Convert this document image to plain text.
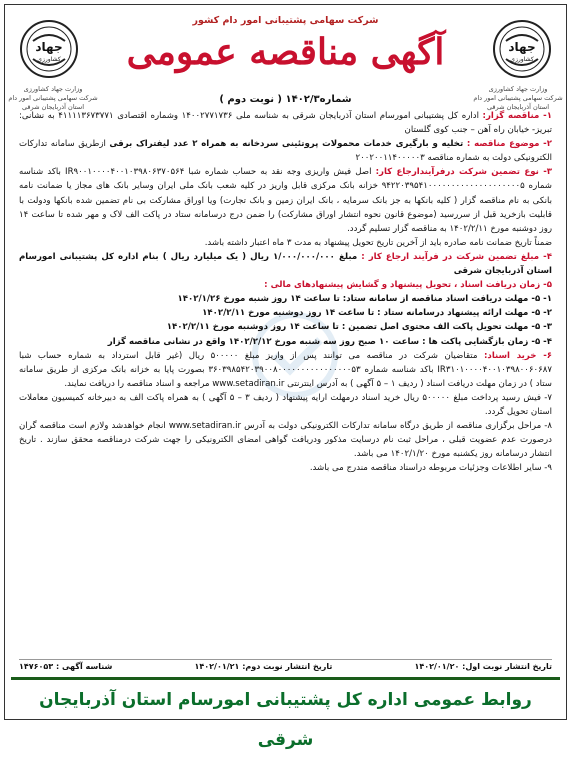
جهاد
کشاورزی
وزارت جهاد کشاورزی
شرکت سهامی پشتیبانی امور دام
استان آذربایجان شرقی
جهاد
کشاورزی
وزارت جهاد کشاورزی
شرکت سهامی پشتیبانی امور دام
استان آذربایجان شرقی
شرکت سهامی پشتیبانی امور دام کشور
آگهی مناقصه عمومی
شماره۱۴۰۲/۳ ( نوبت دوم )

۱- مناقصه گزار: اداره کل پشتیبانی امورسام استان آذربایجان شرقی به شناسه ملی ۱۴۰۰۲۷۷۱۷۳۶ وشماره اقتصادی ۴۱۱۱۱۳۶۷۳۷۷۱ به نشانی: تبریز- خیابان راه آهن – جنب کوی گلستان

۲- موضوع مناقصه : تخلیه و بارگیری خدمات محمولات پروتئینی سردخانه به همراه ۲ عدد لیفتراک برقی ازطریق سامانه تدارکات الکترونیکی دولت به شماره مناقصه ۲۰۰۲۰۰۱۱۴۰۰۰۰۰۳

۳- نوع تضمین شرکت درفرآیندارجاع کار: اصل فیش واریزی وجه نقد به حساب شماره شبا IR۹۰۰۱۰۰۰۰۴۰۰۱۰۳۹۸۰۶۳۷۰۵۶۴ باکد شناسه شماره ۹۴۲۲۰۳۹۵۴۱۰۰۰۰۰۰۰۰۰۰۰۰۰۰۰۰۰۰۰۰۵ خزانه بانک مرکزی قابل واریز در کلیه شعب بانک ملی ایران وسایر بانک های مجاز یا ضمانت نامه بانکی به نام مناقصه گزار ( کلیه بانکها به جز بانک سرمایه ، بانک ایران زمین و بانک تجارت) ویا اوراق مشارکت بی نام تضمین شده بانکها ودولت با قابلیت بازخرید قبل از سررسید (موضوع قانون نحوه انتشار اوراق مشارکت) را ضمن درج درسامانه ستاد در پاکت الف لاک و مهر شده تا ساعت ۱۴ روز دوشنبه مورخ ۱۴۰۲/۲/۱۱ به مناقصه گزار تسلیم گردد.

ضمناً تاریخ ضمانت نامه صادره باید از آخرین تاریخ تحویل پیشنهاد به مدت ۳ ماه اعتبار داشته باشد.

۴- مبلغ تضمین شرکت در فرآیند ارجاع کار : مبلغ ۱/۰۰۰/۰۰۰/۰۰۰ ریال ( یک میلیارد ریال ) بنام اداره کل پشتیبانی امورسام استان آذربایجان شرقی

۵- زمان دریافت اسناد ، تحویل پیشنهاد و گشایش پیشنهادهای مالی :

۱- ۵- مهلت دریافت اسناد مناقصه از سامانه ستاد: تا ساعت ۱۴ روز شنبه مورخ ۱۴۰۲/۱/۲۶

۲- ۵- مهلت ارائه پیشنهاد درسامانه ستاد : تا ساعت ۱۴ روز دوشنبه مورخ ۱۴۰۲/۲/۱۱

۳- ۵- مهلت تحویل پاکت الف محتوی اصل تضمین : تا ساعت ۱۴ روز دوشنبه مورخ ۱۴۰۲/۲/۱۱

۴- ۵- زمان بازگشایی پاکت ها : ساعت ۱۰ صبح روز سه شنبه مورخ ۱۴۰۲/۲/۱۲ واقع در نشانی مناقصه گزار

۶- خرید اسناد: متقاضیان شرکت در مناقصه می توانند پس از واریز مبلغ ۵۰۰۰۰۰ ریال (غیر قابل استرداد به شماره حساب شبا IR۳۱۰۱۰۰۰۰۴۰۰۱۰۳۹۸۰۰۶۰۶۸۷ باکد شناسه شماره ۳۶۰۳۹۸۵۴۲۰۳۹۰۰۸۰۰۰۰۰۰۰۰۰۰۰۰۰۰۰۰۵۳ بصورت پایا به خزانه بانک مرکزی از طریق سامانه ستاد ) در زمان مهلت دریافت اسناد ( ردیف ۱ – ۵ آگهی ) به آدرس اینترنتی www.setadiran.ir مراجعه و اسناد مناقصه را دریافت نمایند.

۷- فیش رسید پرداخت مبلغ ۵۰۰۰۰۰ ریال خرید اسناد درمهلت ارایه پیشنهاد ( ردیف ۳ – ۵ آگهی ) به همراه پاکت الف به دبیرخانه کمیسیون معاملات استان تحویل گردد.

۸- مراحل برگزاری مناقصه از طریق درگاه سامانه تدارکات الکترونیکی دولت به آدرس www.setadiran.ir انجام خواهدشد ولازم است مناقصه گران درصورت عدم عضویت قبلی ، مراحل ثبت نام درسایت مذکور ودریافت گواهی امضای الکترونیکی را جهت شرکت درمناقصه محقق سازند . تاریخ انتشار درسامانه روز یکشنبه مورخ ۱۴۰۲/۱/۲۰ می باشد.

۹- سایر اطلاعات وجزئیات مربوطه دراسناد مناقصه مندرج می باشد.

تاریخ انتشار نوبت اول: ۱۴۰۲/۰۱/۲۰
تاریخ انتشار نوبت دوم: ۱۴۰۲/۰۱/۲۱
شناسه آگهی : ۱۴۷۶۰۵۳
روابط عمومی اداره کل پشتیبانی امورسام استان آذربایجان شرقی
